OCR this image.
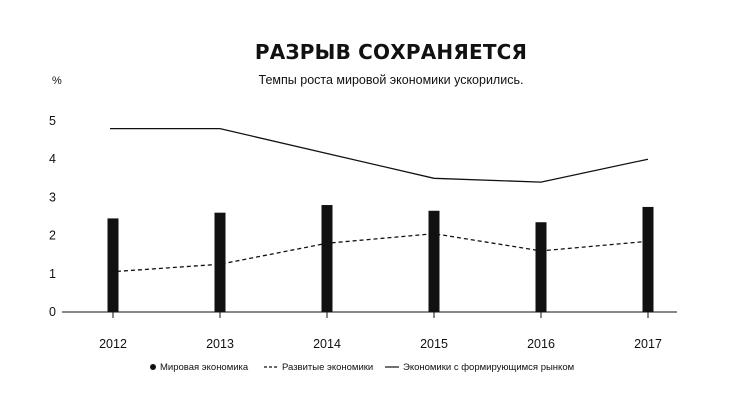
РАЗРЫВ СОХРАНЯЕТСЯ
Темпы роста мировой экономики ускорились.
%
0
1
2
3
4
5
2012	2013	2014	2015	2016	2017
Мировая экономика	Развитые экономики	Экономики с формирующимся рынком
